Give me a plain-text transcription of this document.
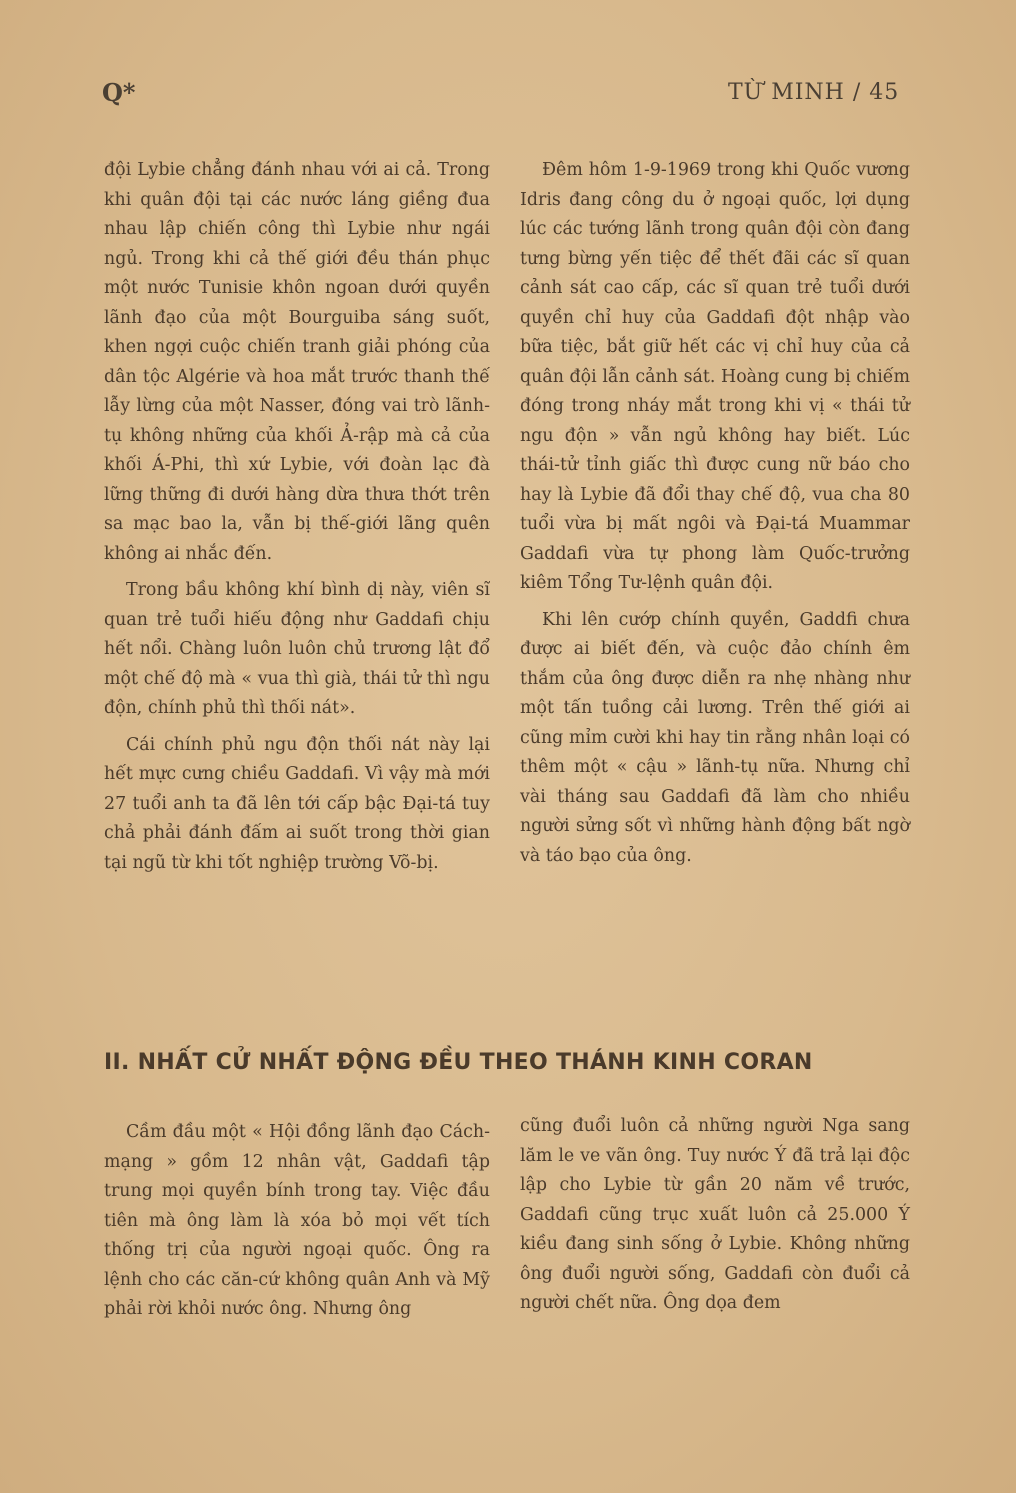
Q*	TỪ MINH / 45

đội Lybie chẳng đánh nhau với ai cả. Trong khi quân đội tại các nước láng giềng đua nhau lập chiến công thì Lybie như ngái ngủ. Trong khi cả thế giới đều thán phục một nước Tunisie khôn ngoan dưới quyền lãnh đạo của một Bourguiba sáng suốt, khen ngợi cuộc chiến tranh giải phóng của dân tộc Algérie và hoa mắt trước thanh thế lẫy lừng của một Nasser, đóng vai trò lãnh-tụ không những của khối Ả-rập mà cả của khối Á-Phi, thì xứ Lybie, với đoàn lạc đà lững thững đi dưới hàng dừa thưa thớt trên sa mạc bao la, vẫn bị thế-giới lãng quên không ai nhắc đến.

Trong bầu không khí bình dị này, viên sĩ quan trẻ tuổi hiếu động như Gaddafi chịu hết nổi. Chàng luôn luôn chủ trương lật đổ một chế độ mà « vua thì già, thái tử thì ngu độn, chính phủ thì thối nát».

Cái chính phủ ngu độn thối nát này lại hết mực cưng chiều Gaddafi. Vì vậy mà mới 27 tuổi anh ta đã lên tới cấp bậc Đại-tá tuy chả phải đánh đấm ai suốt trong thời gian tại ngũ từ khi tốt nghiệp trường Võ-bị.

Đêm hôm 1-9-1969 trong khi Quốc vương Idris đang công du ở ngoại quốc, lợi dụng lúc các tướng lãnh trong quân đội còn đang tưng bừng yến tiệc để thết đãi các sĩ quan cảnh sát cao cấp, các sĩ quan trẻ tuổi dưới quyền chỉ huy của Gaddafi đột nhập vào bữa tiệc, bắt giữ hết các vị chỉ huy của cả quân đội lẫn cảnh sát. Hoàng cung bị chiếm đóng trong nháy mắt trong khi vị « thái tử ngu độn » vẫn ngủ không hay biết. Lúc thái-tử tỉnh giấc thì được cung nữ báo cho hay là Lybie đã đổi thay chế độ, vua cha 80 tuổi vừa bị mất ngôi và Đại-tá Muammar Gaddafi vừa tự phong làm Quốc-trưởng kiêm Tổng Tư-lệnh quân đội.

Khi lên cướp chính quyền, Gaddfi chưa được ai biết đến, và cuộc đảo chính êm thắm của ông được diễn ra nhẹ nhàng như một tấn tuồng cải lương. Trên thế giới ai cũng mỉm cười khi hay tin rằng nhân loại có thêm một « cậu » lãnh-tụ nữa. Nhưng chỉ vài tháng sau Gaddafi đã làm cho nhiều người sửng sốt vì những hành động bất ngờ và táo bạo của ông.

II. NHẤT CỬ NHẤT ĐỘNG ĐỀU THEO THÁNH KINH CORAN

Cầm đầu một « Hội đồng lãnh đạo Cách-mạng » gồm 12 nhân vật, Gaddafi tập trung mọi quyền bính trong tay. Việc đầu tiên mà ông làm là xóa bỏ mọi vết tích thống trị của người ngoại quốc. Ông ra lệnh cho các căn-cứ không quân Anh và Mỹ phải rời khỏi nước ông. Nhưng ông

cũng đuổi luôn cả những người Nga sang lăm le ve vãn ông. Tuy nước Ý đã trả lại độc lập cho Lybie từ gần 20 năm về trước, Gaddafi cũng trục xuất luôn cả 25.000 Ý kiều đang sinh sống ở Lybie. Không những ông đuổi người sống, Gaddafi còn đuổi cả người chết nữa. Ông dọa đem
